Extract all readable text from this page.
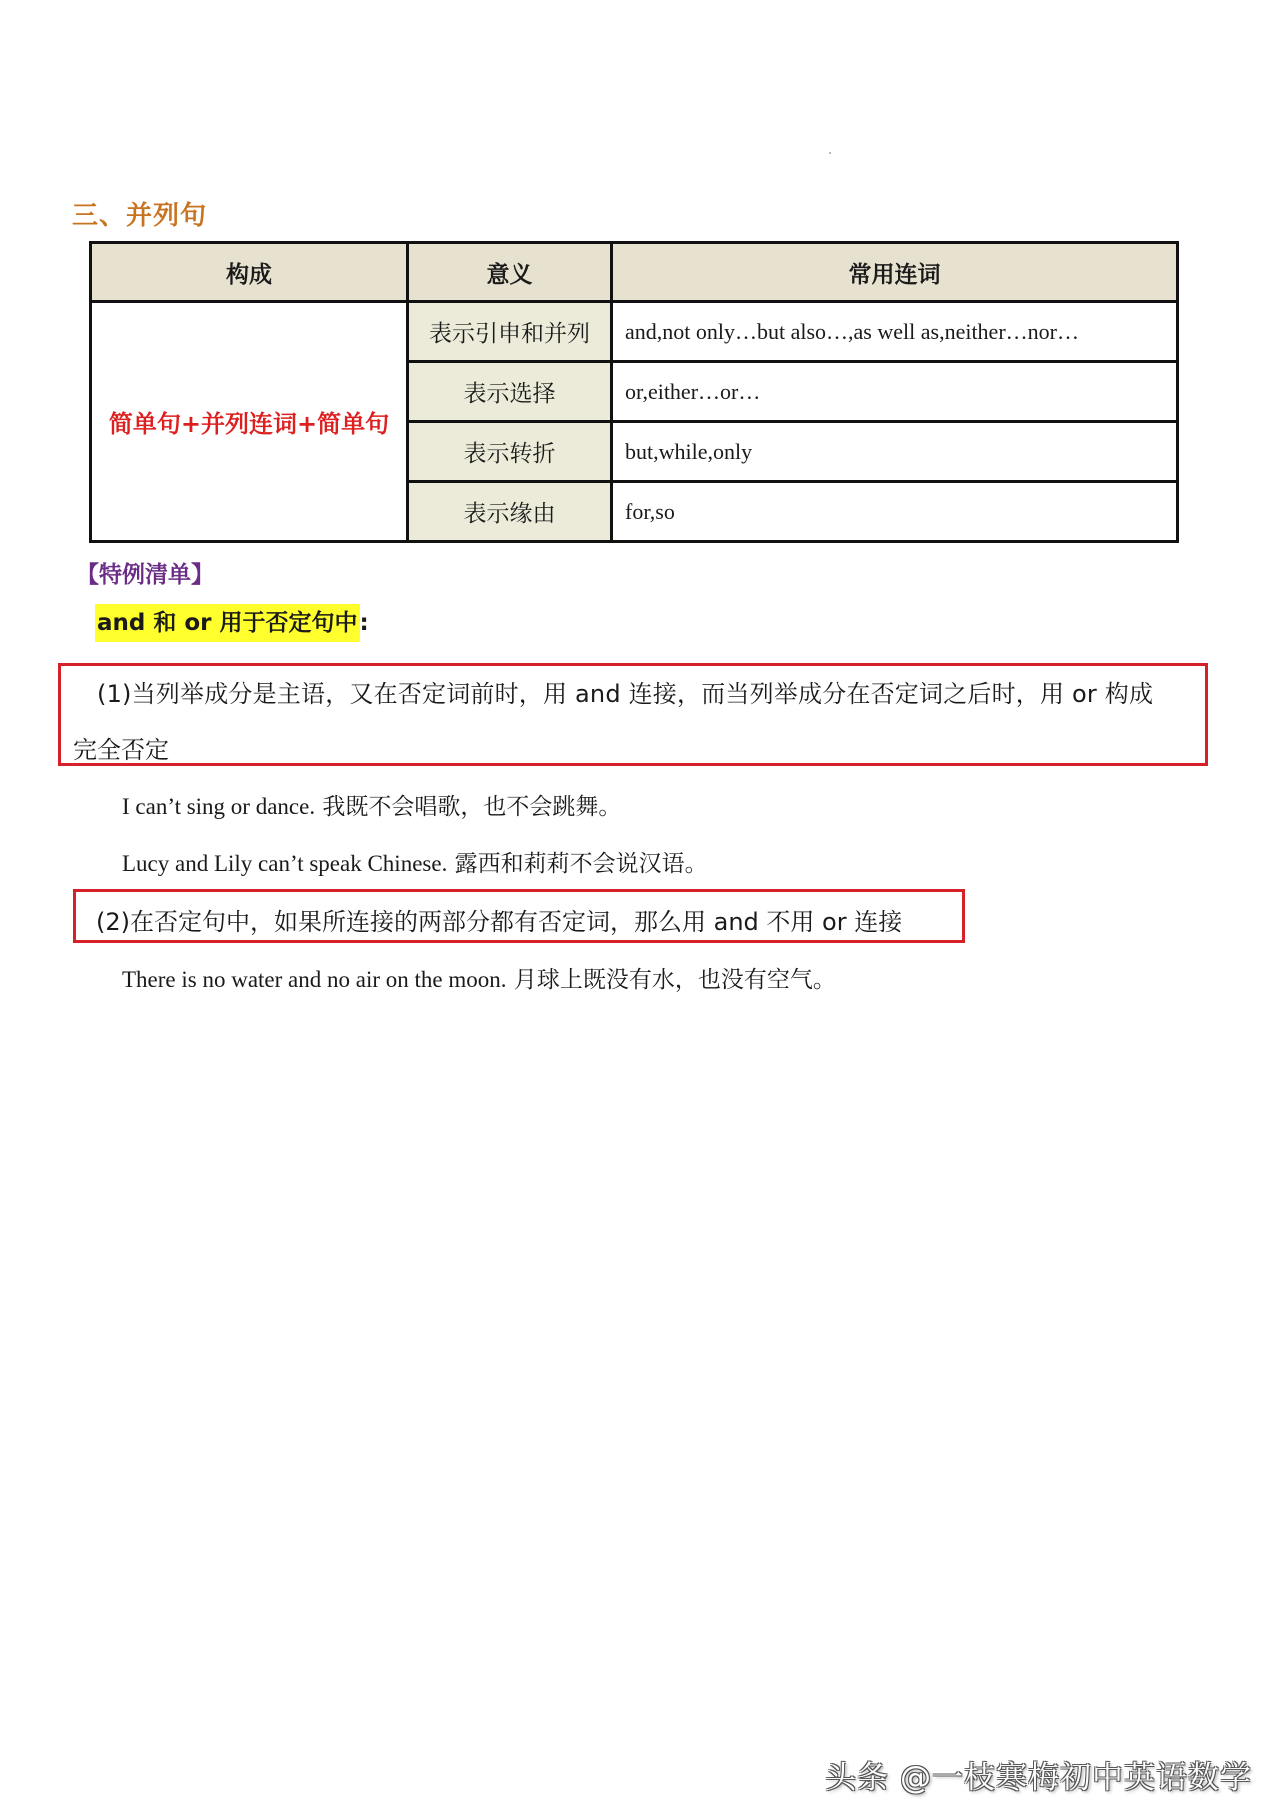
三、并列句
构成	意义	常用连词
简单句+并列连词+简单句	表示引申和并列	and,not only…but also…,as well as,neither…nor…
	表示选择	or,either…or…
	表示转折	but,while,only
	表示缘由	for,so
【特例清单】
and 和 or 用于否定句中:
(1)当列举成分是主语，又在否定词前时，用 and 连接，而当列举成分在否定词之后时，用 or 构成
完全否定
I can’t sing or dance. 我既不会唱歌，也不会跳舞。
Lucy and Lily can’t speak Chinese. 露西和莉莉不会说汉语。
(2)在否定句中，如果所连接的两部分都有否定词，那么用 and 不用 or 连接
There is no water and no air on the moon. 月球上既没有水，也没有空气。
头条 @一枝寒梅初中英语数学
